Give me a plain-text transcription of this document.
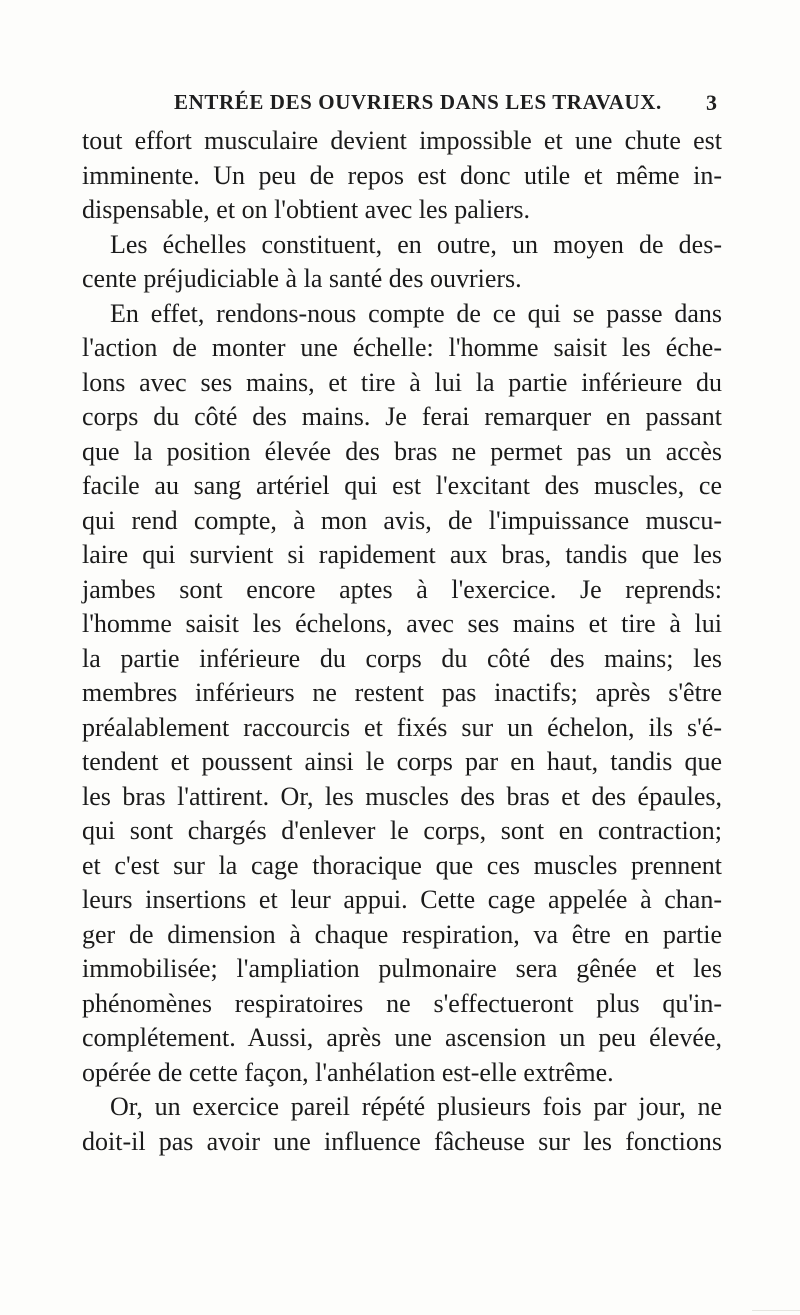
ENTRÉE DES OUVRIERS DANS LES TRAVAUX. 3
tout effort musculaire devient impossible et une chute est
imminente. Un peu de repos est donc utile et même in-
dispensable, et on l'obtient avec les paliers.
Les échelles constituent, en outre, un moyen de des-
cente préjudiciable à la santé des ouvriers.
En effet, rendons-nous compte de ce qui se passe dans
l'action de monter une échelle: l'homme saisit les éche-
lons avec ses mains, et tire à lui la partie inférieure du
corps du côté des mains. Je ferai remarquer en passant
que la position élevée des bras ne permet pas un accès
facile au sang artériel qui est l'excitant des muscles, ce
qui rend compte, à mon avis, de l'impuissance muscu-
laire qui survient si rapidement aux bras, tandis que les
jambes sont encore aptes à l'exercice. Je reprends:
l'homme saisit les échelons, avec ses mains et tire à lui
la partie inférieure du corps du côté des mains; les
membres inférieurs ne restent pas inactifs; après s'être
préalablement raccourcis et fixés sur un échelon, ils s'é-
tendent et poussent ainsi le corps par en haut, tandis que
les bras l'attirent. Or, les muscles des bras et des épaules,
qui sont chargés d'enlever le corps, sont en contraction;
et c'est sur la cage thoracique que ces muscles prennent
leurs insertions et leur appui. Cette cage appelée à chan-
ger de dimension à chaque respiration, va être en partie
immobilisée; l'ampliation pulmonaire sera gênée et les
phénomènes respiratoires ne s'effectueront plus qu'in-
complétement. Aussi, après une ascension un peu élevée,
opérée de cette façon, l'anhélation est-elle extrême.
Or, un exercice pareil répété plusieurs fois par jour, ne
doit-il pas avoir une influence fâcheuse sur les fonctions
